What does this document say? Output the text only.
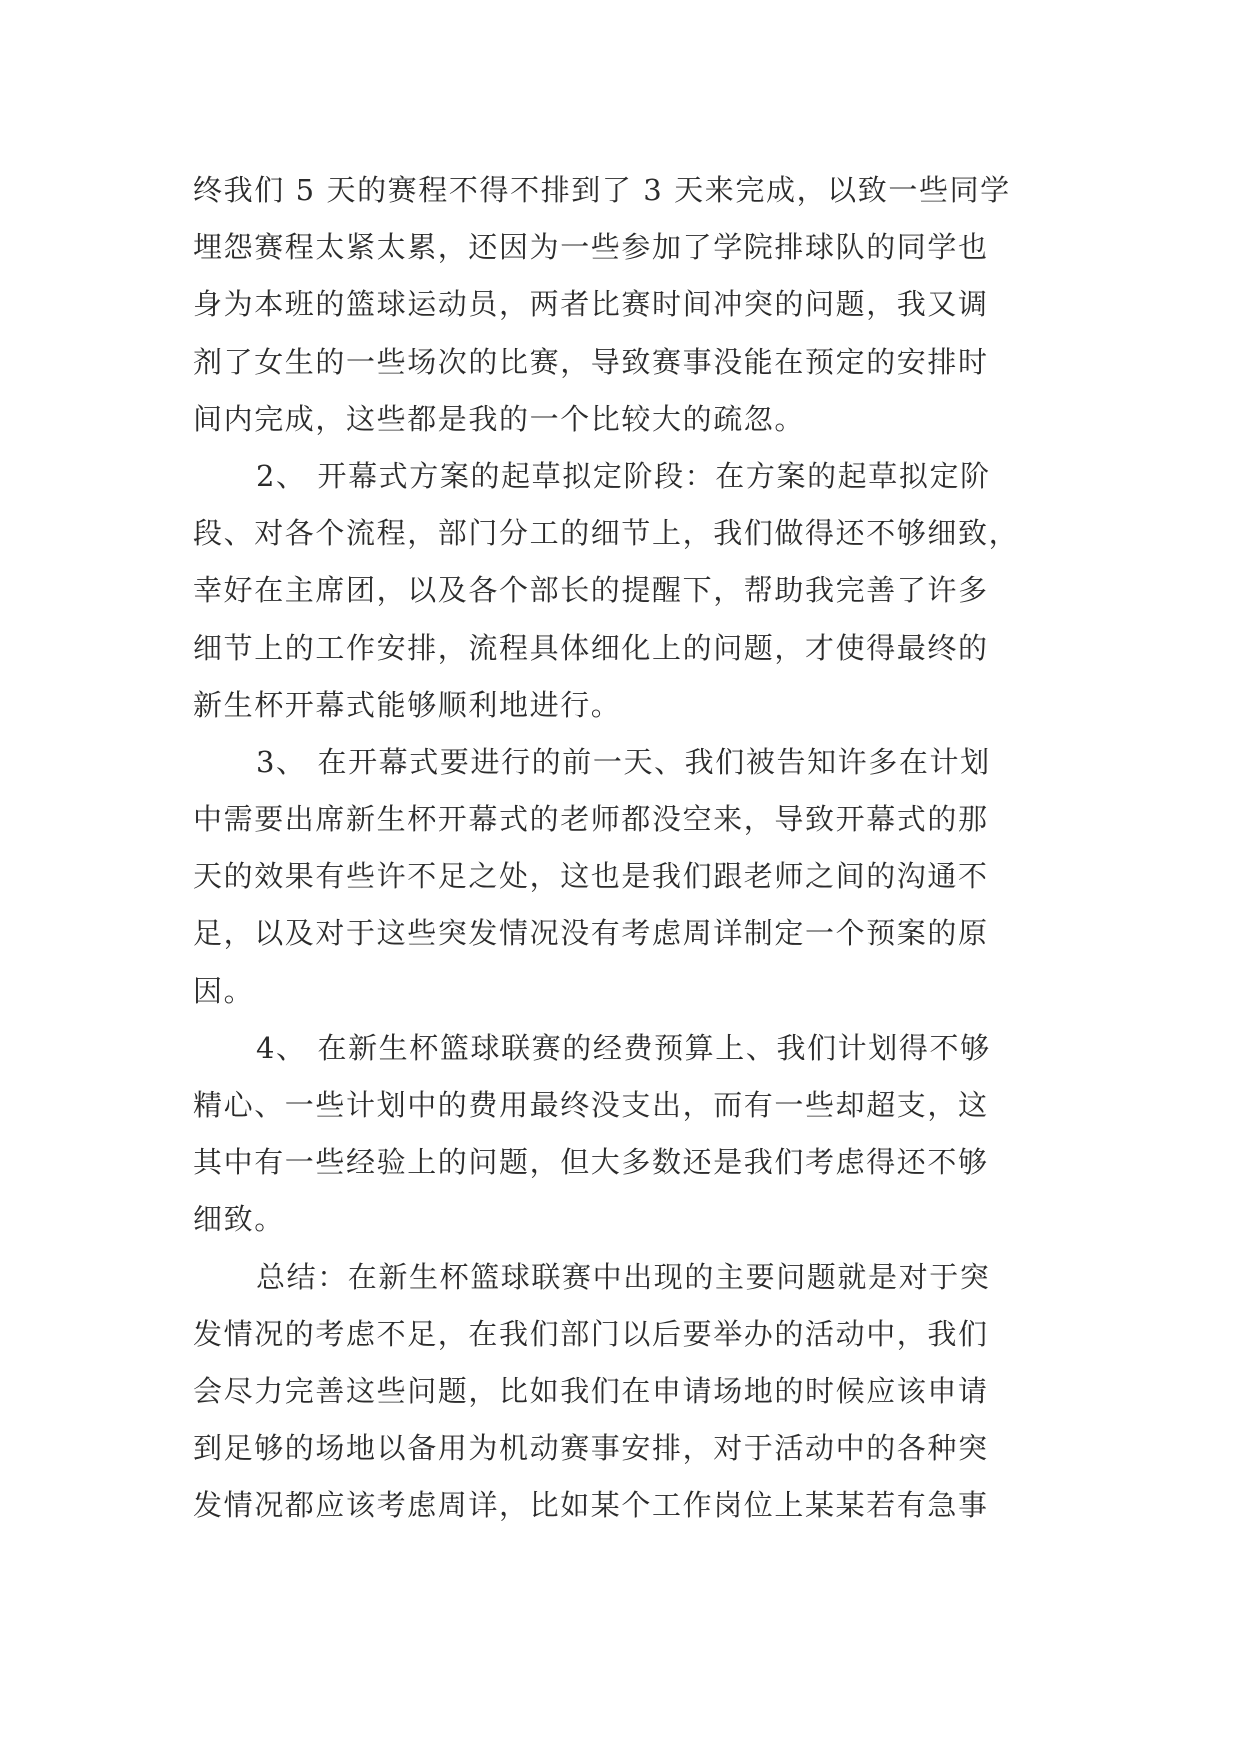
终我们 5 天的赛程不得不排到了 3 天来完成，以致一些同学
埋怨赛程太紧太累，还因为一些参加了学院排球队的同学也
身为本班的篮球运动员，两者比赛时间冲突的问题，我又调
剂了女生的一些场次的比赛，导致赛事没能在预定的安排时
间内完成，这些都是我的一个比较大的疏忽。
2、 开幕式方案的起草拟定阶段：在方案的起草拟定阶
段、对各个流程，部门分工的细节上，我们做得还不够细致，
幸好在主席团，以及各个部长的提醒下，帮助我完善了许多
细节上的工作安排，流程具体细化上的问题，才使得最终的
新生杯开幕式能够顺利地进行。
3、 在开幕式要进行的前一天、我们被告知许多在计划
中需要出席新生杯开幕式的老师都没空来，导致开幕式的那
天的效果有些许不足之处，这也是我们跟老师之间的沟通不
足，以及对于这些突发情况没有考虑周详制定一个预案的原
因。
4、 在新生杯篮球联赛的经费预算上、我们计划得不够
精心、一些计划中的费用最终没支出，而有一些却超支，这
其中有一些经验上的问题，但大多数还是我们考虑得还不够
细致。
总结：在新生杯篮球联赛中出现的主要问题就是对于突
发情况的考虑不足，在我们部门以后要举办的活动中，我们
会尽力完善这些问题，比如我们在申请场地的时候应该申请
到足够的场地以备用为机动赛事安排，对于活动中的各种突
发情况都应该考虑周详，比如某个工作岗位上某某若有急事
